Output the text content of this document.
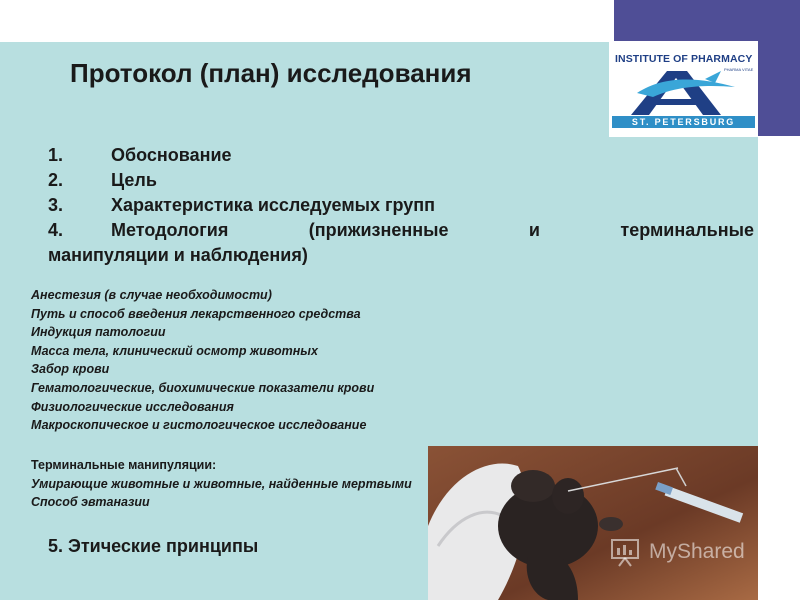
INSTITUTE OF PHARMACY
PHARMA VITAE
ST. PETERSBURG
Протокол (план) исследования
1.	Обоснование
2.	Цель
3.	Характеристика исследуемых групп
4.	Методология (прижизненные и терминальные
манипуляции и наблюдения)
Анестезия (в случае необходимости)
Путь и способ введения лекарственного средства
Индукция патологии
Масса тела, клинический осмотр животных
Забор крови
Гематологические, биохимические показатели крови
Физиологические исследования
Макроскопическое и гистологическое исследование
Терминальные манипуляции:
Умирающие животные и животные, найденные мертвыми
Способ эвтаназии
5. Этические принципы	MyShared
